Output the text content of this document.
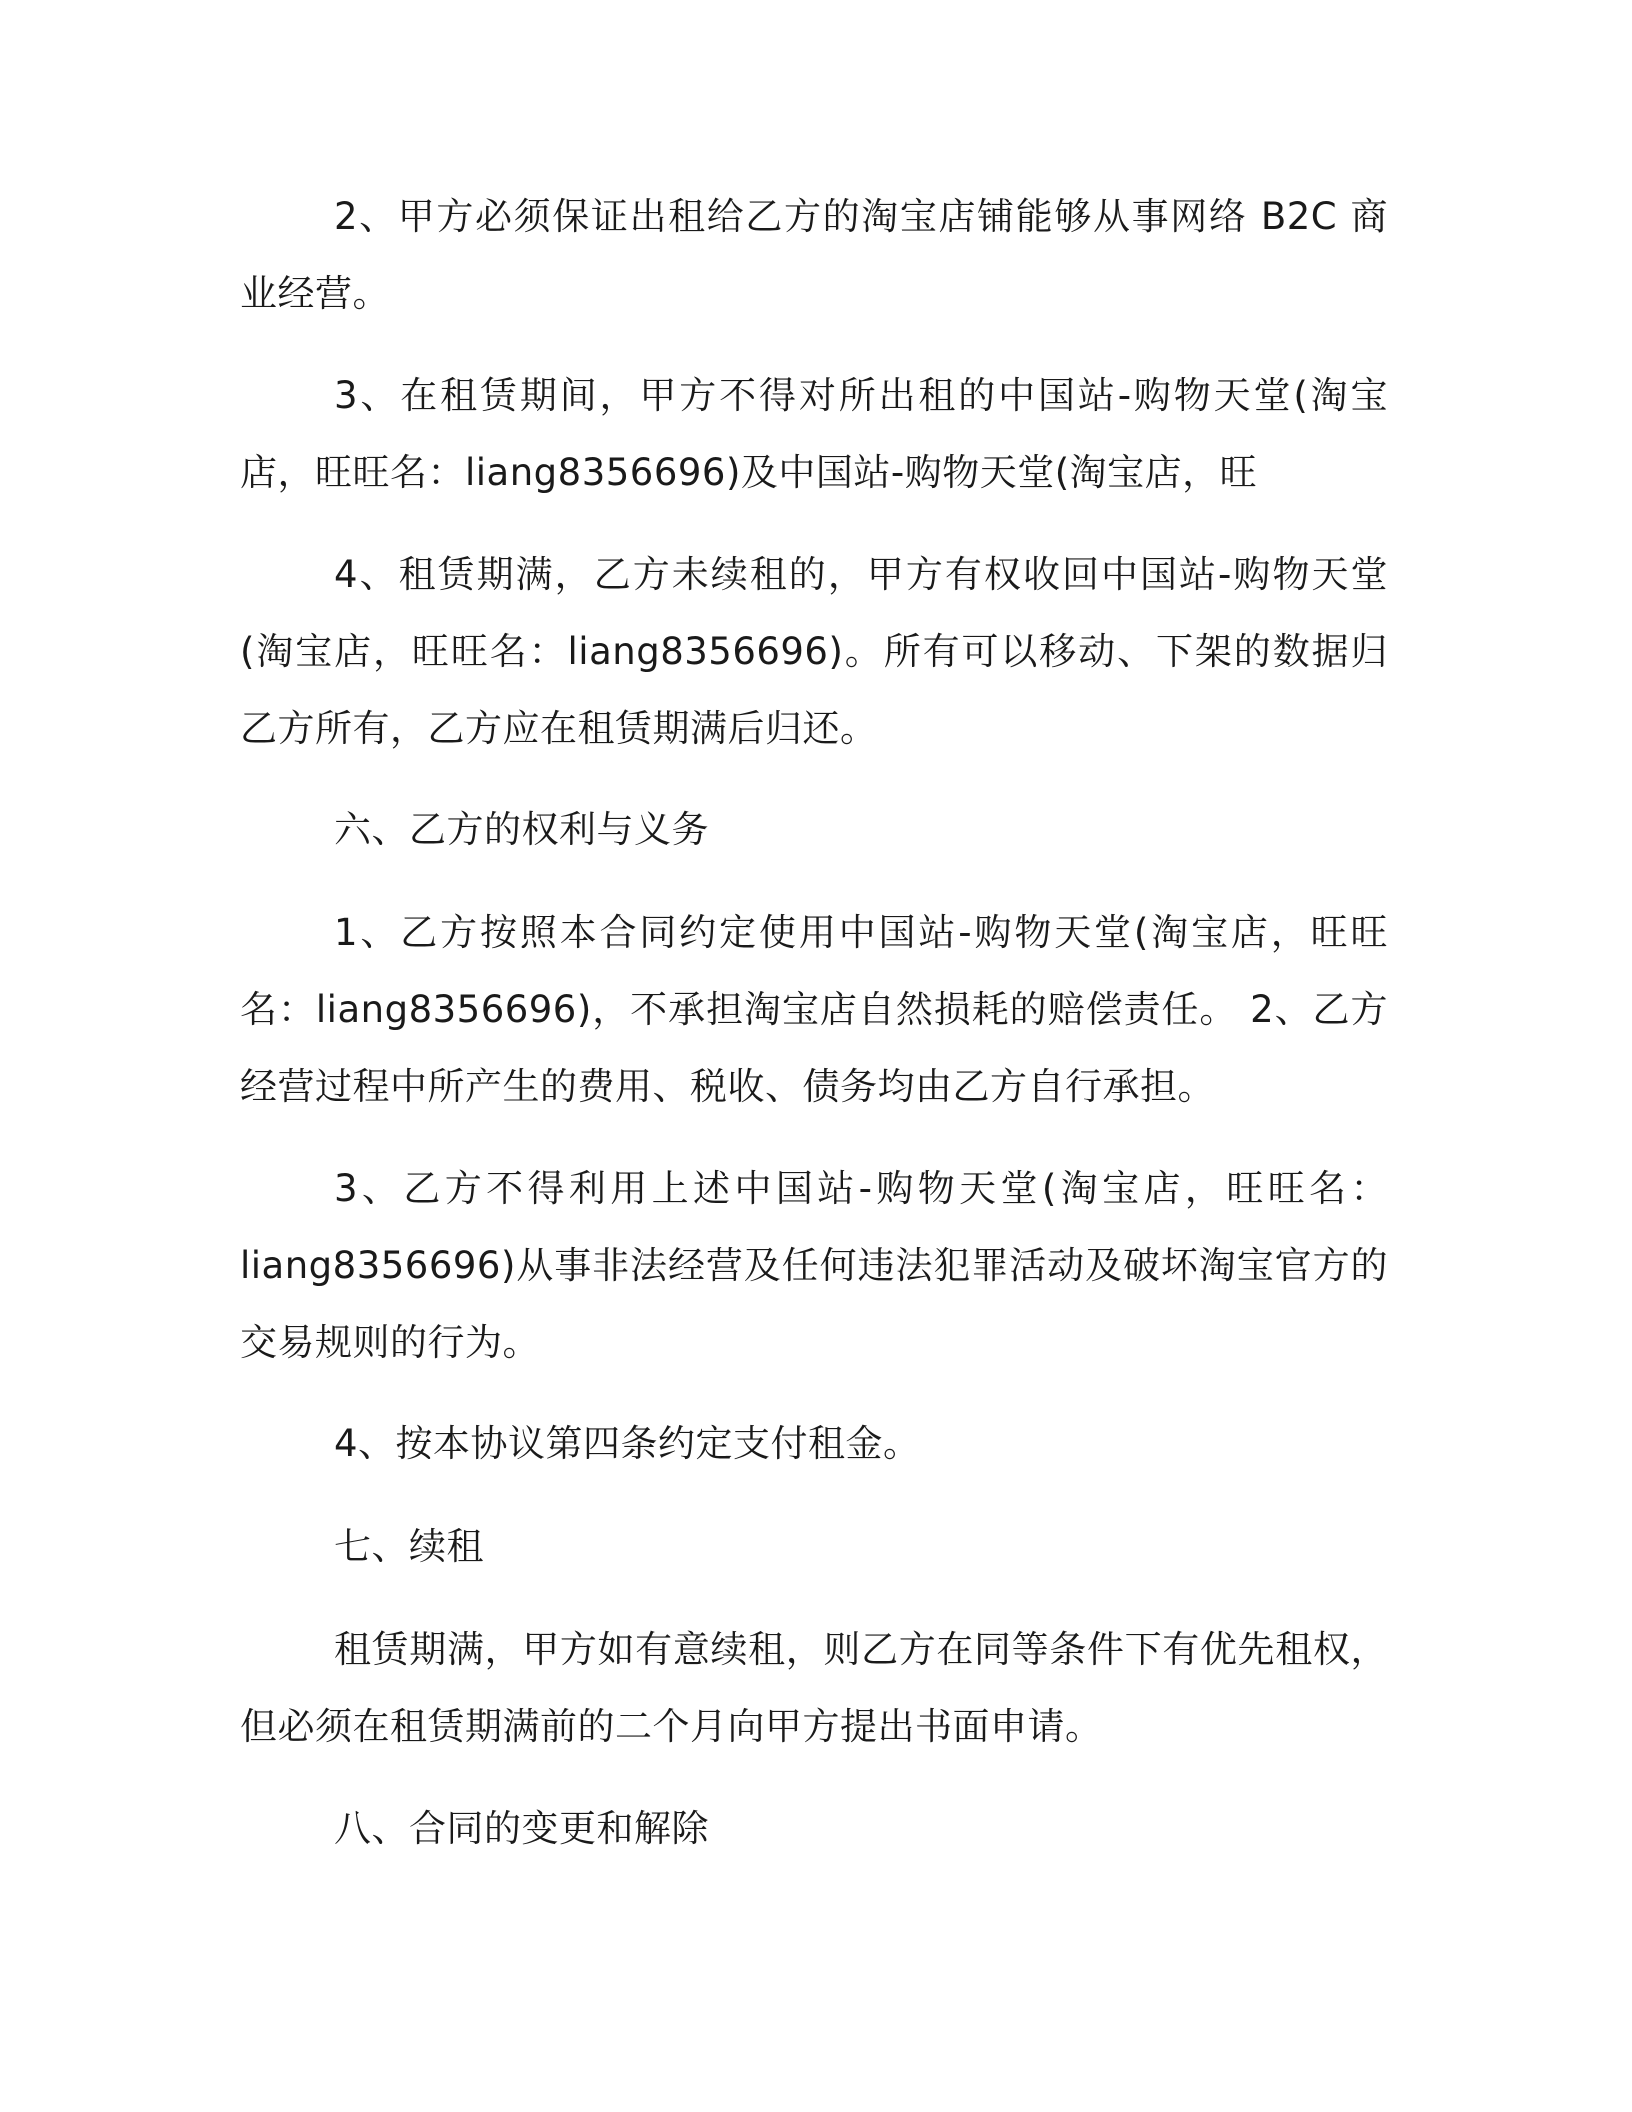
2、甲方必须保证出租给乙方的淘宝店铺能够从事网络 B2C 商业经营。

3、在租赁期间，甲方不得对所出租的中国站-购物天堂(淘宝店，旺旺名：liang8356696)及中国站-购物天堂(淘宝店，旺

4、租赁期满，乙方未续租的，甲方有权收回中国站-购物天堂(淘宝店，旺旺名：liang8356696)。所有可以移动、下架的数据归乙方所有，乙方应在租赁期满后归还。

六、乙方的权利与义务

1、乙方按照本合同约定使用中国站-购物天堂(淘宝店，旺旺名：liang8356696)，不承担淘宝店自然损耗的赔偿责任。 2、乙方经营过程中所产生的费用、税收、债务均由乙方自行承担。

3、乙方不得利用上述中国站-购物天堂(淘宝店，旺旺名：liang8356696)从事非法经营及任何违法犯罪活动及破坏淘宝官方的交易规则的行为。

4、按本协议第四条约定支付租金。

七、续租

租赁期满，甲方如有意续租，则乙方在同等条件下有优先租权，但必须在租赁期满前的二个月向甲方提出书面申请。

八、合同的变更和解除
